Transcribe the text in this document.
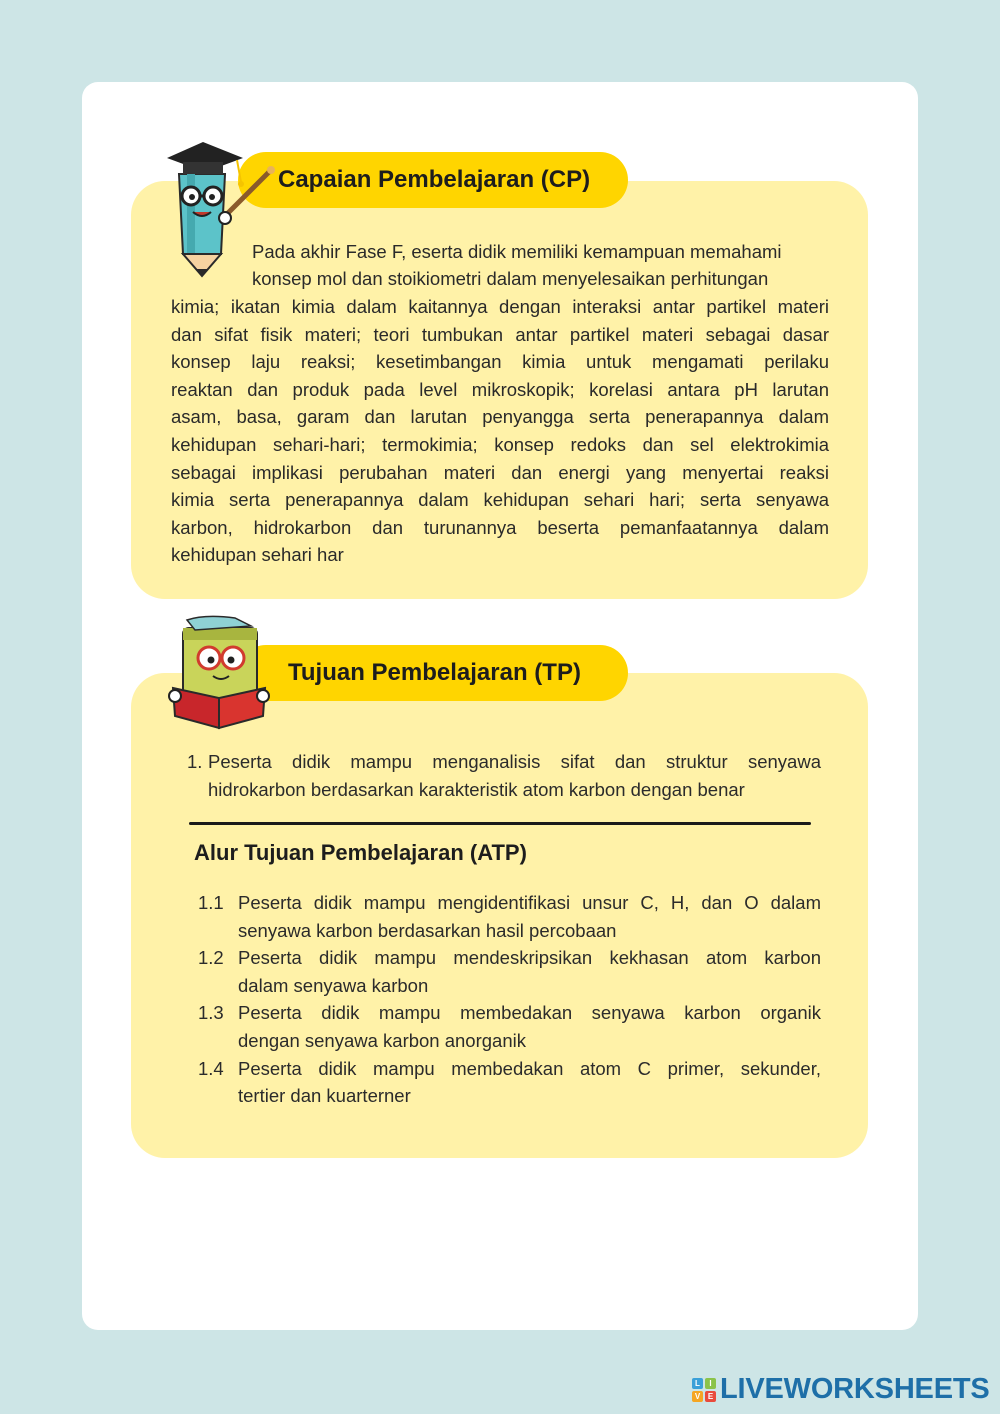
Capaian Pembelajaran (CP)
Pada akhir Fase F, eserta didik memiliki kemampuan memahami
konsep mol dan stoikiometri dalam menyelesaikan perhitungan
kimia; ikatan kimia dalam kaitannya dengan interaksi antar partikel materi
dan sifat fisik materi; teori tumbukan antar partikel materi sebagai dasar
konsep laju reaksi; kesetimbangan kimia untuk mengamati perilaku
reaktan dan produk pada level mikroskopik; korelasi antara pH larutan
asam, basa, garam dan larutan penyangga serta penerapannya dalam
kehidupan sehari-hari; termokimia; konsep redoks dan sel elektrokimia
sebagai implikasi perubahan materi dan energi yang menyertai reaksi
kimia serta penerapannya dalam kehidupan sehari hari; serta senyawa
karbon, hidrokarbon dan turunannya beserta pemanfaatannya dalam
kehidupan sehari har
Tujuan Pembelajaran (TP)
1. Peserta didik mampu menganalisis sifat dan struktur senyawa
hidrokarbon berdasarkan karakteristik atom karbon dengan benar
Alur Tujuan Pembelajaran (ATP)
1.1 Peserta didik mampu mengidentifikasi unsur C, H, dan O dalam
senyawa karbon berdasarkan hasil percobaan
1.2 Peserta didik mampu mendeskripsikan kekhasan atom karbon
dalam senyawa karbon
1.3 Peserta didik mampu membedakan senyawa karbon organik
dengan senyawa karbon anorganik
1.4 Peserta didik mampu membedakan atom C primer, sekunder,
tertier dan kuarterner
L	I
V E LIVEWORKSHEETS
